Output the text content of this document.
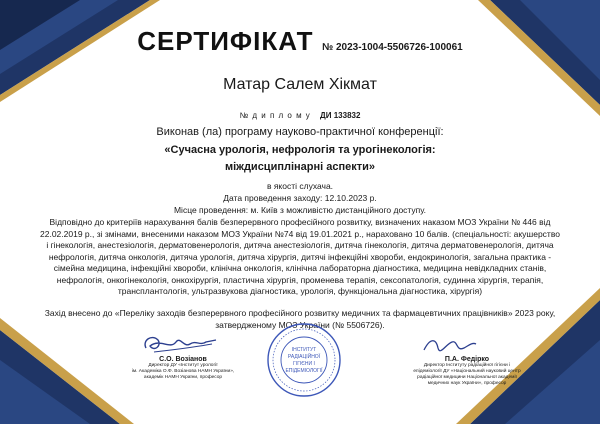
СЕРТИФІКАТ № 2023-1004-5506726-100061
Матар Салем Хікмат
№ д и п л о м у ДИ 133832
Виконав (ла) програму науково-практичної конференції:
«Сучасна урологія, нефрологія та урогінекологія:
міждисциплінарні аспекти»
в якості слухача.
Дата проведення заходу: 12.10.2023 р.
Місце проведення: м. Київ з можливістю дистанційного доступу.
Відповідно до критеріїв нарахування балів безперервного професійного розвитку, визначених наказом МОЗ України № 446 від
22.02.2019 р., зі змінами, внесеними наказом МОЗ України №74 від 19.01.2021 р., нараховано 10 балів. (спеціальності: акушерство
і гінекологія, анестезіологія, дерматовенерологія, дитяча анестезіологія, дитяча гінекологія, дитяча дерматовенерологія, дитяча
нефрологія, дитяча онкологія, дитяча урологія, дитяча хірургія, дитячі інфекційні хвороби, ендокринологія, загальна практика -
сімейна медицина, інфекційні хвороби, клінічна онкологія, клінічна лабораторна діагностика, медицина невідкладних станів,
нефрологія, онкогінекологія, онкохірургія, пластична хірургія, променева терапія, сексопатологія, судинна хірургія, терапія,
трансплантологія, ультразвукова діагностика, урологія, функціональна діагностика, хірургія)
Захід внесено до «Переліку заходів безперервного професійного розвитку медичних та фармацевтичних працівників» 2023 року,
затвердженому МОЗ України (№ 5506726).
ІНСТИТУТ
РАДІАЦІЙНОЇ
ГІГІЄНИ І
ЕПІДЕМІОЛОГІЇ
С.О. Возіанов
Директор ДУ «Інститут урології
ім. Академіка О.Ф. Возіанова НАМН України»,
академік НАМН України, професор
П.А. Федірко
Директор Інституту радіаційної гігієни і
епідеміології ДУ «Національний науковий центр
радіаційної медицини Національної академії
медичних наук України», професор
